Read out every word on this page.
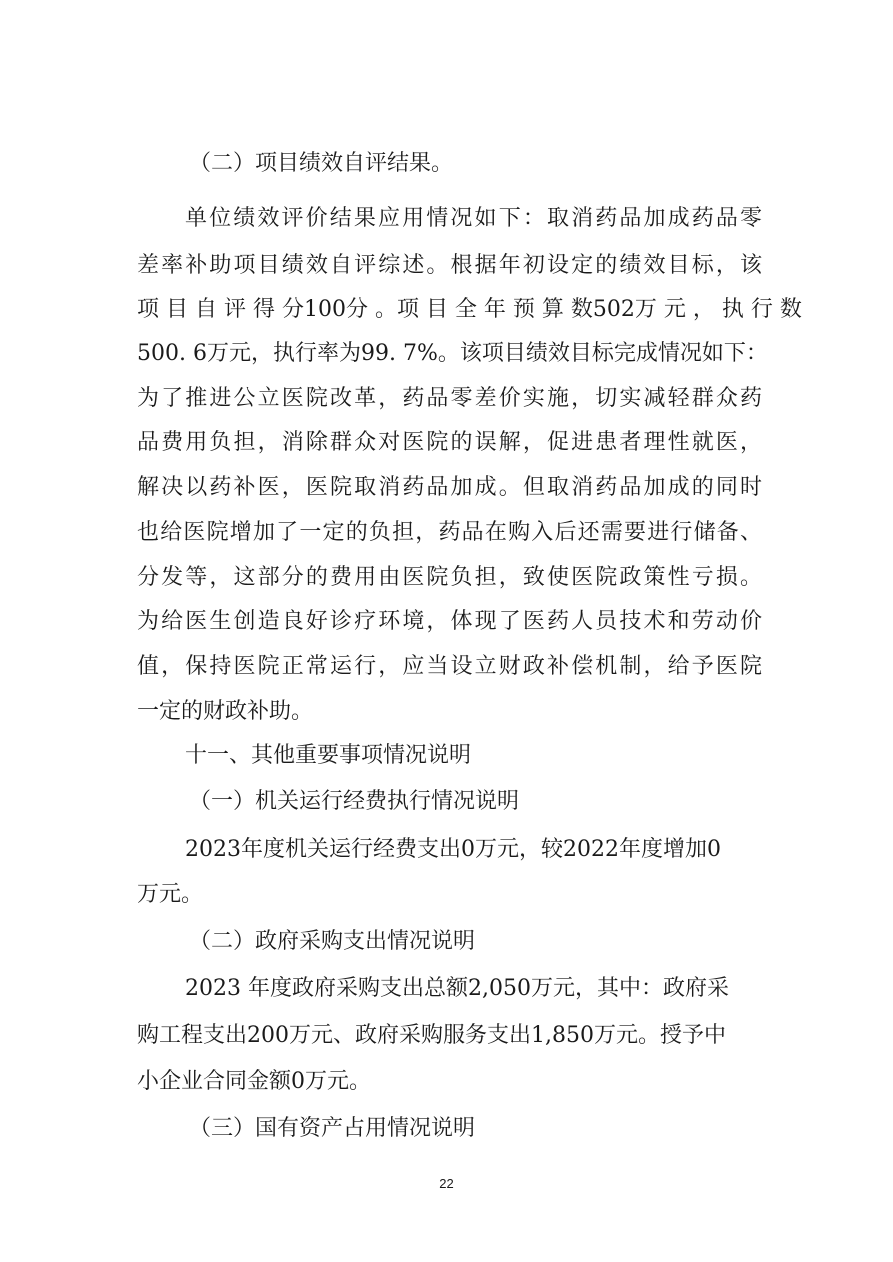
（二）项目绩效自评结果。
单位绩效评价结果应用情况如下：取消药品加成药品零
差率补助项目绩效自评综述。根据年初设定的绩效目标，该
项 目 自 评 得 分100分 。项 目 全 年 预 算 数502万 元 ， 执 行 数
500. 6万元，执行率为99. 7%。该项目绩效目标完成情况如下：
为了推进公立医院改革，药品零差价实施，切实减轻群众药
品费用负担，消除群众对医院的误解，促进患者理性就医，
解决以药补医，医院取消药品加成。但取消药品加成的同时
也给医院增加了一定的负担，药品在购入后还需要进行储备、
分发等，这部分的费用由医院负担，致使医院政策性亏损。
为给医生创造良好诊疗环境，体现了医药人员技术和劳动价
值，保持医院正常运行，应当设立财政补偿机制，给予医院
一定的财政补助。
十一、其他重要事项情况说明
（一）机关运行经费执行情况说明
2023年度机关运行经费支出0万元，较2022年度增加0
万元。
（二）政府采购支出情况说明
2023 年度政府采购支出总额2,050万元，其中：政府采
购工程支出200万元、政府采购服务支出1,850万元。授予中
小企业合同金额0万元。
（三）国有资产占用情况说明
22
